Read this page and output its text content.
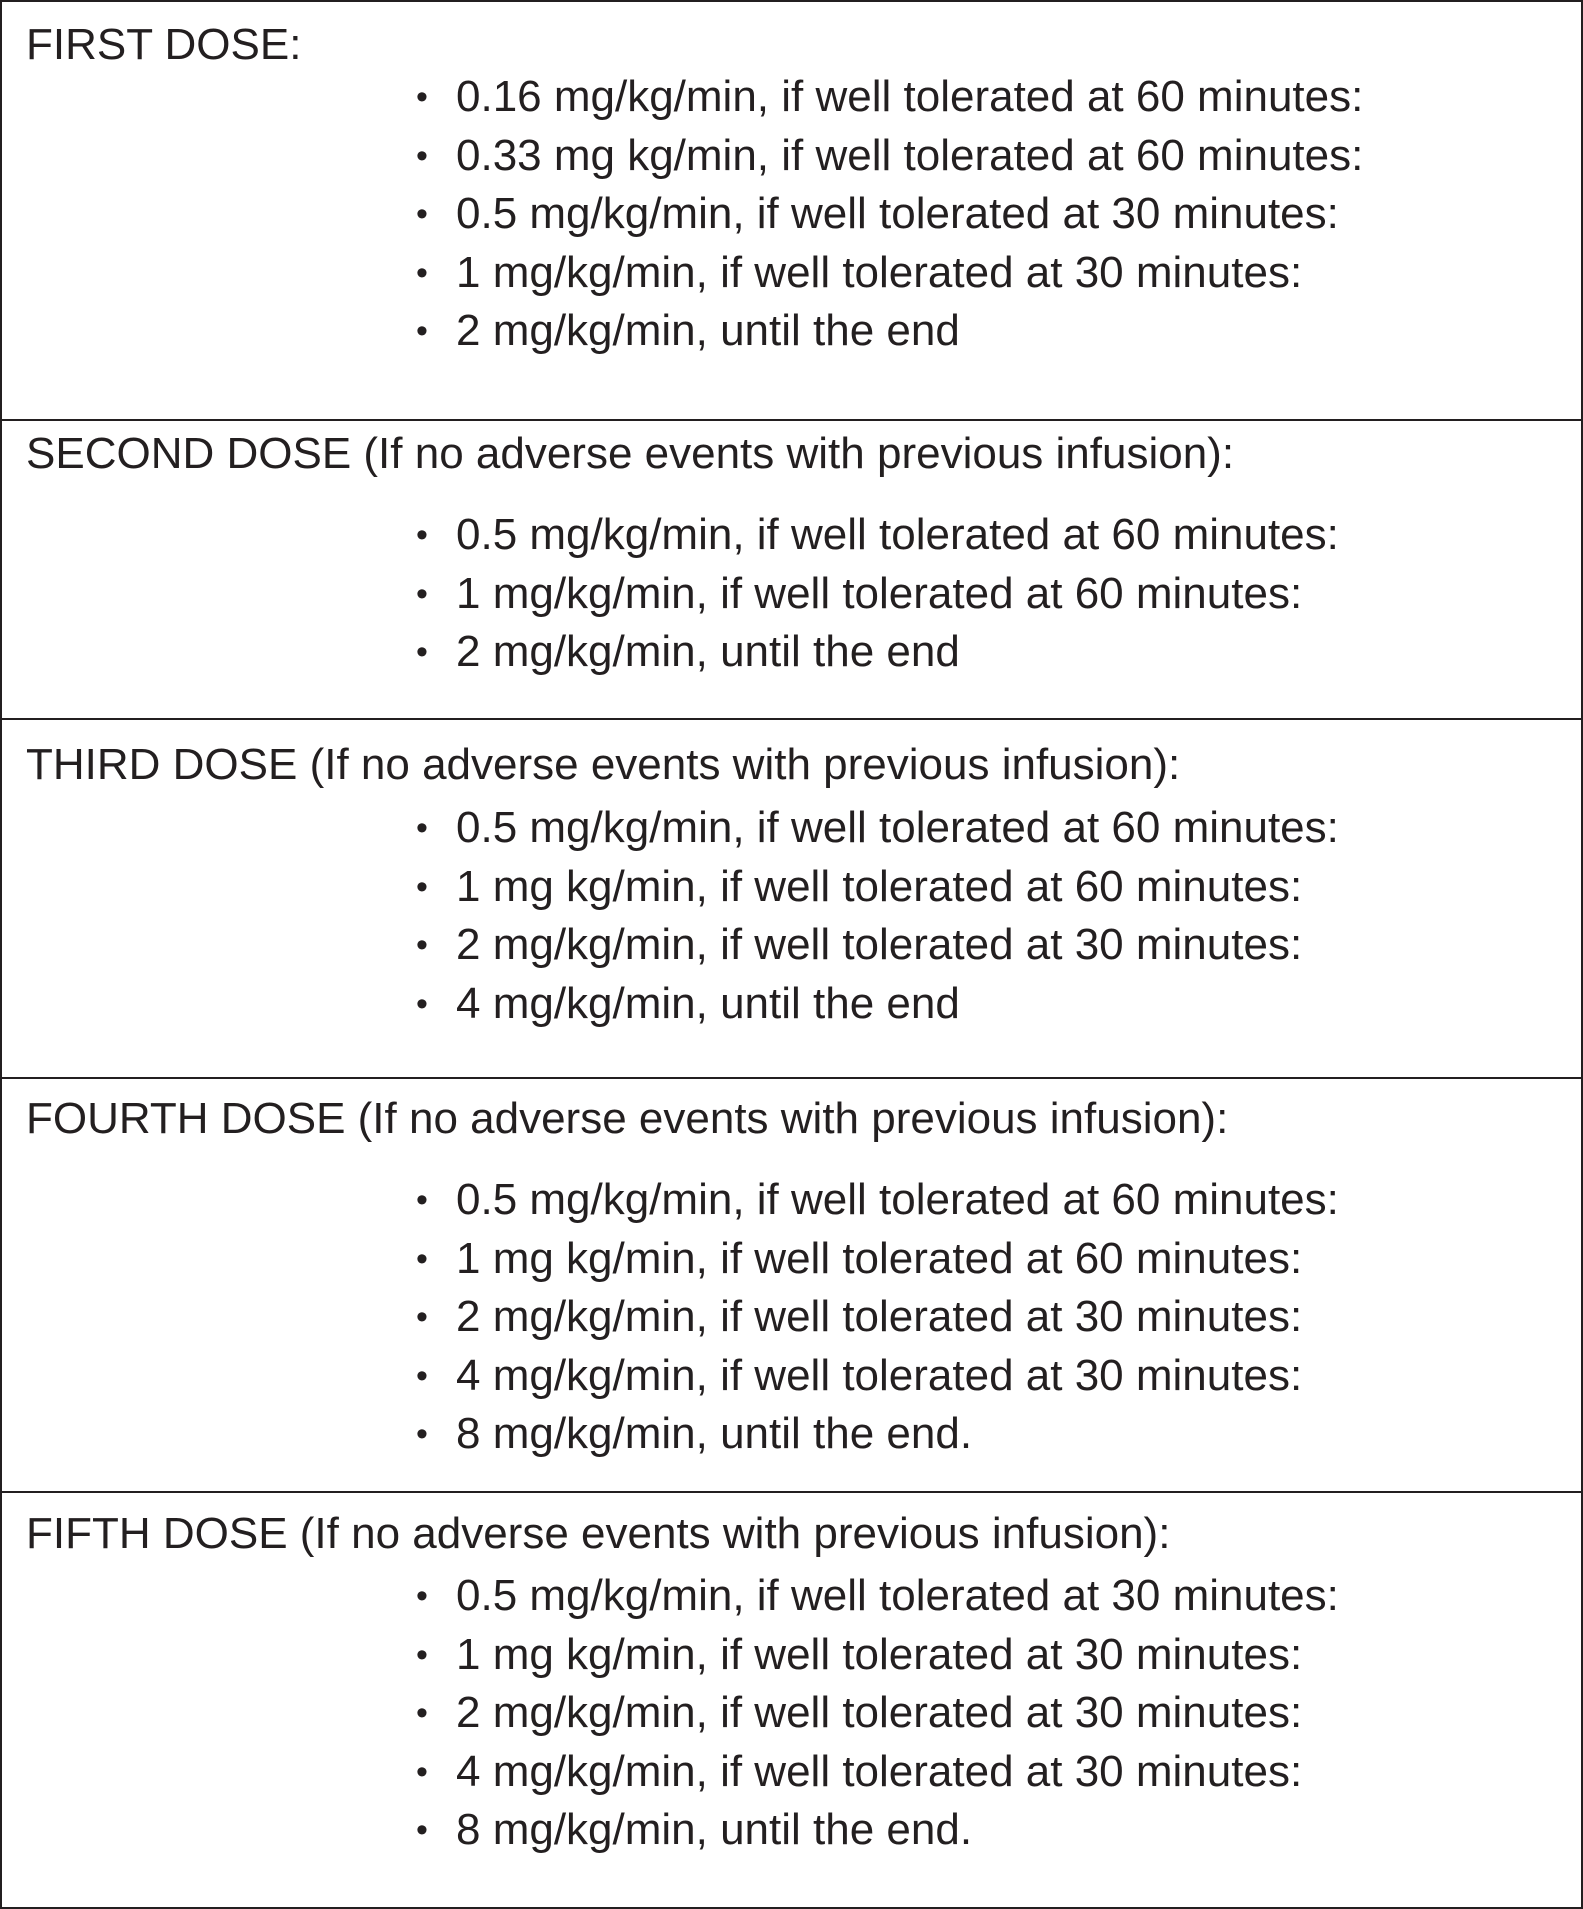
FIRST DOSE:
• 0.16 mg/kg/min, if well tolerated at 60 minutes:
• 0.33 mg kg/min, if well tolerated at 60 minutes:
• 0.5 mg/kg/min, if well tolerated at 30 minutes:
• 1 mg/kg/min, if well tolerated at 30 minutes:
• 2 mg/kg/min, until the end
SECOND DOSE (If no adverse events with previous infusion):
• 0.5 mg/kg/min, if well tolerated at 60 minutes:
• 1 mg/kg/min, if well tolerated at 60 minutes:
• 2 mg/kg/min, until the end
THIRD DOSE (If no adverse events with previous infusion):
• 0.5 mg/kg/min, if well tolerated at 60 minutes:
• 1 mg kg/min, if well tolerated at 60 minutes:
• 2 mg/kg/min, if well tolerated at 30 minutes:
• 4 mg/kg/min, until the end
FOURTH DOSE (If no adverse events with previous infusion):
• 0.5 mg/kg/min, if well tolerated at 60 minutes:
• 1 mg kg/min, if well tolerated at 60 minutes:
• 2 mg/kg/min, if well tolerated at 30 minutes:
• 4 mg/kg/min, if well tolerated at 30 minutes:
• 8 mg/kg/min, until the end.
FIFTH DOSE (If no adverse events with previous infusion):
• 0.5 mg/kg/min, if well tolerated at 30 minutes:
• 1 mg kg/min, if well tolerated at 30 minutes:
• 2 mg/kg/min, if well tolerated at 30 minutes:
• 4 mg/kg/min, if well tolerated at 30 minutes:
• 8 mg/kg/min, until the end.
